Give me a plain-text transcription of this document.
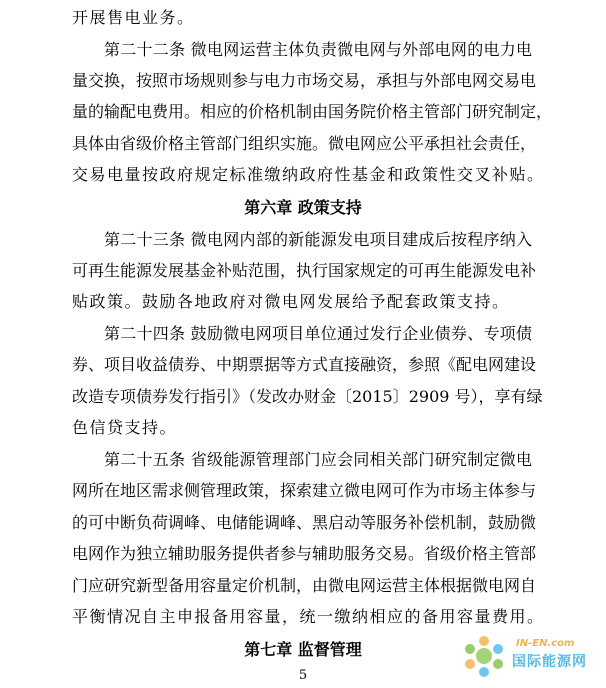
开展售电业务。
第二十二条 微电网运营主体负责微电网与外部电网的电力电
量交换，按照市场规则参与电力市场交易，承担与外部电网交易电
量的输配电费用。相应的价格机制由国务院价格主管部门研究制定，
具体由省级价格主管部门组织实施。微电网应公平承担社会责任，
交易电量按政府规定标准缴纳政府性基金和政策性交叉补贴。
第六章 政策支持
第二十三条 微电网内部的新能源发电项目建成后按程序纳入
可再生能源发展基金补贴范围，执行国家规定的可再生能源发电补
贴政策。鼓励各地政府对微电网发展给予配套政策支持。
第二十四条 鼓励微电网项目单位通过发行企业债券、专项债
券、项目收益债券、中期票据等方式直接融资，参照《配电网建设
改造专项债券发行指引》（发改办财金〔2015〕2909 号），享有绿
色信贷支持。
第二十五条 省级能源管理部门应会同相关部门研究制定微电
网所在地区需求侧管理政策，探索建立微电网可作为市场主体参与
的可中断负荷调峰、电储能调峰、黑启动等服务补偿机制，鼓励微
电网作为独立辅助服务提供者参与辅助服务交易。省级价格主管部
门应研究新型备用容量定价机制，由微电网运营主体根据微电网自
平衡情况自主申报备用容量，统一缴纳相应的备用容量费用。
第七章 监督管理
5
IN-EN.com
国际能源网
